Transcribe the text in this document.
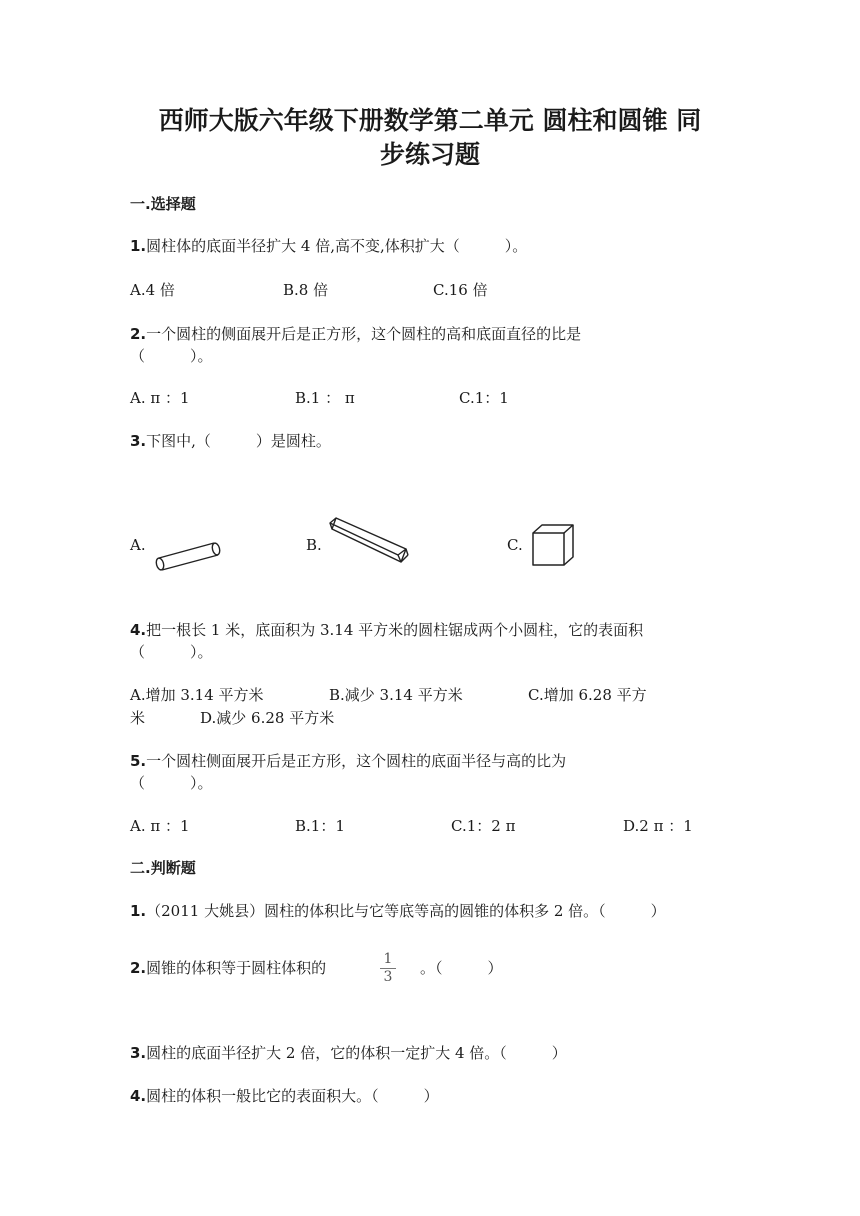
西师大版六年级下册数学第二单元 圆柱和圆锥 同
步练习题
一.选择题
1.圆柱体的底面半径扩大 4 倍,高不变,体积扩大（　　　）。
A.4 倍	B.8 倍	C.16 倍
2.一个圆柱的侧面展开后是正方形，这个圆柱的高和底面直径的比是
（　　　）。
A. π ：1	B.1 ： π	C.1：1
3.下图中,（　　　）是圆柱。
A.	B.	C.
4.把一根长 1 米，底面积为 3.14 平方米的圆柱锯成两个小圆柱，它的表面积
（　　　）。
A.增加 3.14 平方米	B.减少 3.14 平方米	C.增加 6.28 平方
米	D.减少 6.28 平方米
5.一个圆柱侧面展开后是正方形，这个圆柱的底面半径与高的比为
（　　　）。
A. π ：1	B.1：1	C.1：2 π	D.2 π ：1
二.判断题
1.（2011 大姚县）圆柱的体积比与它等底等高的圆锥的体积多 2 倍。（　　　）
2.圆锥的体积等于圆柱体积的	1
3	。（　　　）
3.圆柱的底面半径扩大 2 倍，它的体积一定扩大 4 倍。（　　　）
4.圆柱的体积一般比它的表面积大。（　　　）
